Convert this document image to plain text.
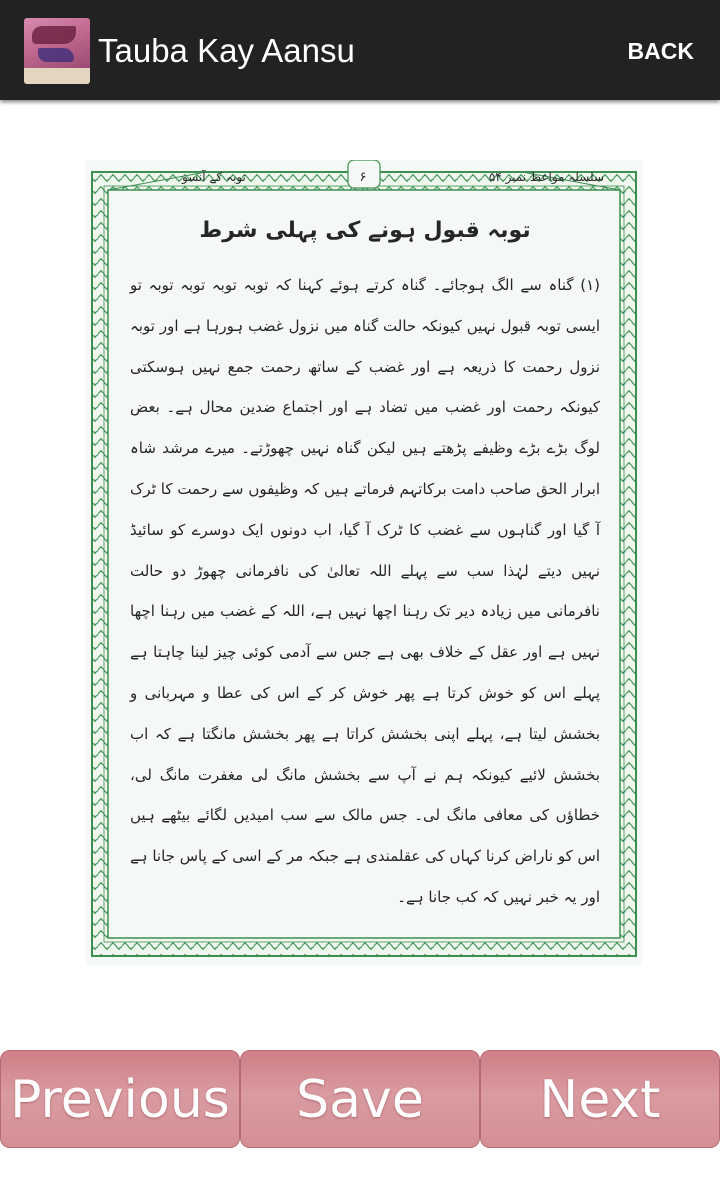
Tauba Kay Aansu	BACK
سلسلہ مواعظ نمبر ۵۴
۶
توبہ کے آنسو
توبہ قبول ہونے کی پہلی شرط

(۱) گناہ سے الگ ہوجائے۔ گناہ کرتے ہوئے کہنا کہ توبہ توبہ توبہ توبہ تو ایسی توبہ قبول نہیں کیونکہ حالت گناہ میں نزول غضب ہورہا ہے اور توبہ نزول رحمت کا ذریعہ ہے اور غضب کے ساتھ رحمت جمع نہیں ہوسکتی کیونکہ رحمت اور غضب میں تضاد ہے اور اجتماع ضدین محال ہے۔ بعض لوگ بڑے بڑے وظیفے پڑھتے ہیں لیکن گناہ نہیں چھوڑتے۔ میرے مرشد شاہ ابرار الحق صاحب دامت برکاتہم فرماتے ہیں کہ وظیفوں سے رحمت کا ٹرک آ گیا اور گناہوں سے غضب کا ٹرک آ گیا، اب دونوں ایک دوسرے کو سائیڈ نہیں دیتے لہٰذا سب سے پہلے اللہ تعالیٰ کی نافرمانی چھوڑ دو حالت نافرمانی میں زیادہ دیر تک رہنا اچھا نہیں ہے، اللہ کے غضب میں رہنا اچھا نہیں ہے اور عقل کے خلاف بھی ہے جس سے آدمی کوئی چیز لینا چاہتا ہے پہلے اس کو خوش کرتا ہے پھر خوش کر کے اس کی عطا و مہربانی و بخشش لیتا ہے، پہلے اپنی بخشش کراتا ہے پھر بخشش مانگتا ہے کہ اب بخشش لائیے کیونکہ ہم نے آپ سے بخشش مانگ لی مغفرت مانگ لی، خطاؤں کی معافی مانگ لی۔ جس مالک سے سب امیدیں لگائے بیٹھے ہیں اس کو ناراض کرنا کہاں کی عقلمندی ہے جبکہ مر کے اسی کے پاس جانا ہے اور یہ خبر نہیں کہ کب جانا ہے۔

Previous	Save	Next
